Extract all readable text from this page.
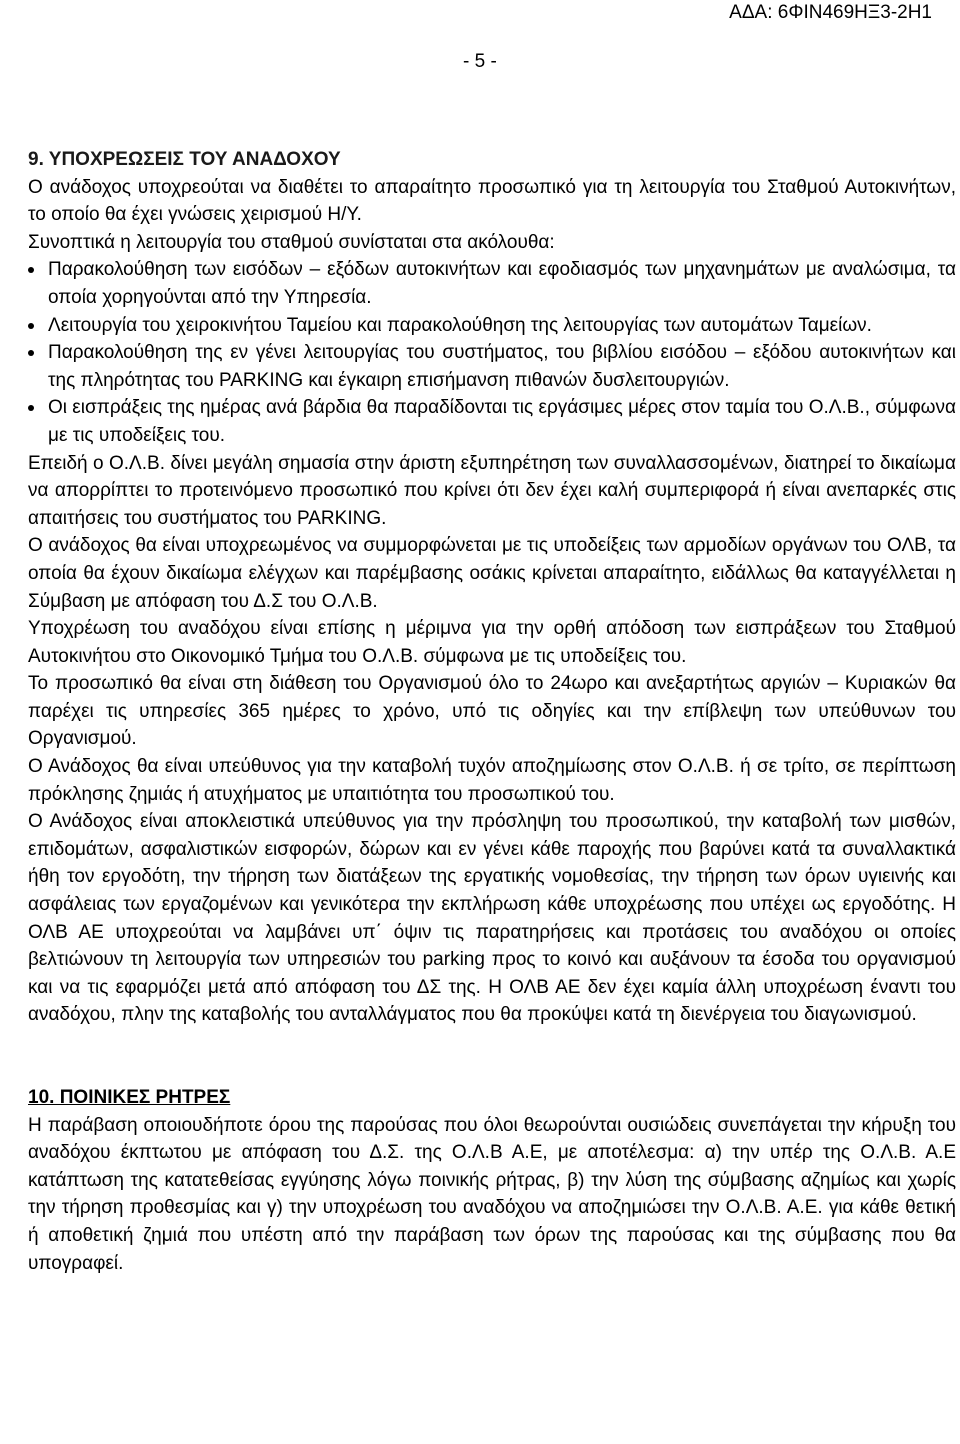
ΑΔΑ: 6ΦΙΝ469ΗΞ3-2Η1
- 5 -

9. ΥΠΟΧΡΕΩΣΕΙΣ ΤΟΥ ΑΝΑΔΟΧΟΥ

Ο ανάδοχος υποχρεούται να διαθέτει το απαραίτητο προσωπικό για τη λειτουργία του Σταθμού Αυτοκινήτων, το οποίο θα έχει γνώσεις χειρισμού Η/Υ.

Συνοπτικά η λειτουργία του σταθμού συνίσταται στα ακόλουθα:

Παρακολούθηση των εισόδων – εξόδων αυτοκινήτων και εφοδιασμός των μηχανημάτων με αναλώσιμα, τα οποία χορηγούνται από την Υπηρεσία.
Λειτουργία του χειροκινήτου Ταμείου και παρακολούθηση της λειτουργίας των αυτομάτων Ταμείων.
Παρακολούθηση της εν γένει λειτουργίας του συστήματος, του βιβλίου εισόδου – εξόδου αυτοκινήτων και της πληρότητας του PARKING και έγκαιρη επισήμανση πιθανών δυσλειτουργιών.
Οι εισπράξεις της ημέρας ανά βάρδια θα παραδίδονται τις εργάσιμες μέρες στον ταμία του Ο.Λ.Β., σύμφωνα με τις υποδείξεις του.

Επειδή ο Ο.Λ.Β. δίνει μεγάλη σημασία στην άριστη εξυπηρέτηση των συναλλασσομένων, διατηρεί το δικαίωμα να απορρίπτει το προτεινόμενο προσωπικό που κρίνει ότι δεν έχει καλή συμπεριφορά ή είναι ανεπαρκές στις απαιτήσεις του συστήματος του PARKING.

Ο ανάδοχος θα είναι υποχρεωμένος να συμμορφώνεται με τις υποδείξεις των αρμοδίων οργάνων του ΟΛΒ, τα οποία θα έχουν δικαίωμα ελέγχων και παρέμβασης οσάκις κρίνεται απαραίτητο, ειδάλλως θα καταγγέλλεται η Σύμβαση με απόφαση του Δ.Σ του Ο.Λ.Β.

Υποχρέωση του αναδόχου είναι επίσης η μέριμνα για την ορθή απόδοση των εισπράξεων του Σταθμού Αυτοκινήτου στο Οικονομικό Τμήμα του Ο.Λ.Β. σύμφωνα με τις υποδείξεις του.

Το προσωπικό θα είναι στη διάθεση του Οργανισμού όλο το 24ωρο και ανεξαρτήτως αργιών – Κυριακών θα παρέχει τις υπηρεσίες 365 ημέρες το χρόνο, υπό τις οδηγίες και την επίβλεψη των υπεύθυνων του Οργανισμού.

Ο Ανάδοχος θα είναι υπεύθυνος για την καταβολή τυχόν αποζημίωσης στον Ο.Λ.Β. ή σε τρίτο, σε περίπτωση πρόκλησης ζημιάς ή ατυχήματος με υπαιτιότητα του προσωπικού του.

Ο Ανάδοχος είναι αποκλειστικά υπεύθυνος για την πρόσληψη του προσωπικού, την καταβολή των μισθών, επιδομάτων, ασφαλιστικών εισφορών, δώρων και εν γένει κάθε παροχής που βαρύνει κατά τα συναλλακτικά ήθη τον εργοδότη, την τήρηση των διατάξεων της εργατικής νομοθεσίας, την τήρηση των όρων υγιεινής και ασφάλειας των εργαζομένων και γενικότερα την εκπλήρωση κάθε υποχρέωσης που υπέχει ως εργοδότης. Η ΟΛΒ ΑΕ υποχρεούται να λαμβάνει υπ΄ όψιν τις παρατηρήσεις και προτάσεις του αναδόχου οι οποίες βελτιώνουν τη λειτουργία των υπηρεσιών του parking προς το κοινό και αυξάνουν τα έσοδα του οργανισμού και να τις εφαρμόζει μετά από απόφαση του ΔΣ της. Η ΟΛΒ ΑΕ δεν έχει καμία άλλη υποχρέωση έναντι του αναδόχου, πλην της καταβολής του ανταλλάγματος που θα προκύψει κατά τη διενέργεια του διαγωνισμού.

10. ΠΟΙΝΙΚΕΣ ΡΗΤΡΕΣ

Η παράβαση οποιουδήποτε όρου της παρούσας που όλοι θεωρούνται ουσιώδεις συνεπάγεται την κήρυξη του αναδόχου έκπτωτου με απόφαση του Δ.Σ. της Ο.Λ.Β Α.Ε, με αποτέλεσμα: α) την υπέρ της Ο.Λ.Β. Α.Ε κατάπτωση της κατατεθείσας εγγύησης λόγω ποινικής ρήτρας, β) την λύση της σύμβασης αζημίως και χωρίς την τήρηση προθεσμίας και γ) την υποχρέωση του αναδόχου να αποζημιώσει την Ο.Λ.Β. Α.Ε. για κάθε θετική ή αποθετική ζημιά που υπέστη από την παράβαση των όρων της παρούσας και της σύμβασης που θα υπογραφεί.
